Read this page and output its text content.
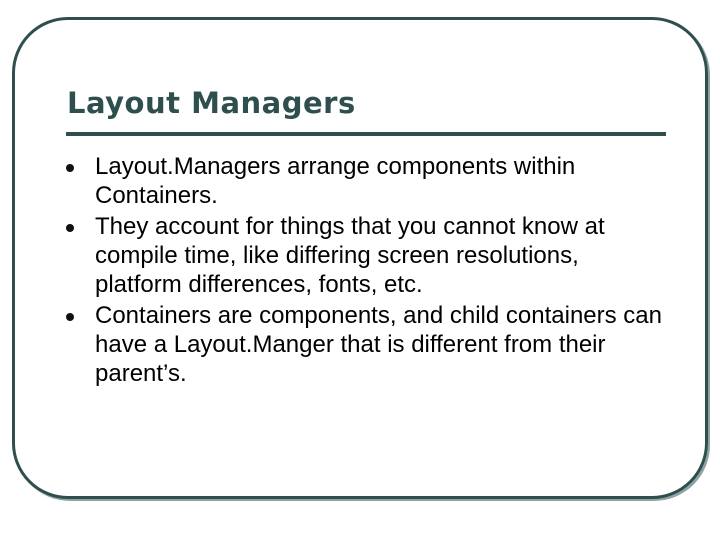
Layout Managers
Layout.Managers arrange components within Containers.
They account for things that you cannot know at compile time, like differing screen resolutions, platform differences, fonts, etc.
Containers are components, and child containers can have a Layout.Manger that is different from their parent’s.
